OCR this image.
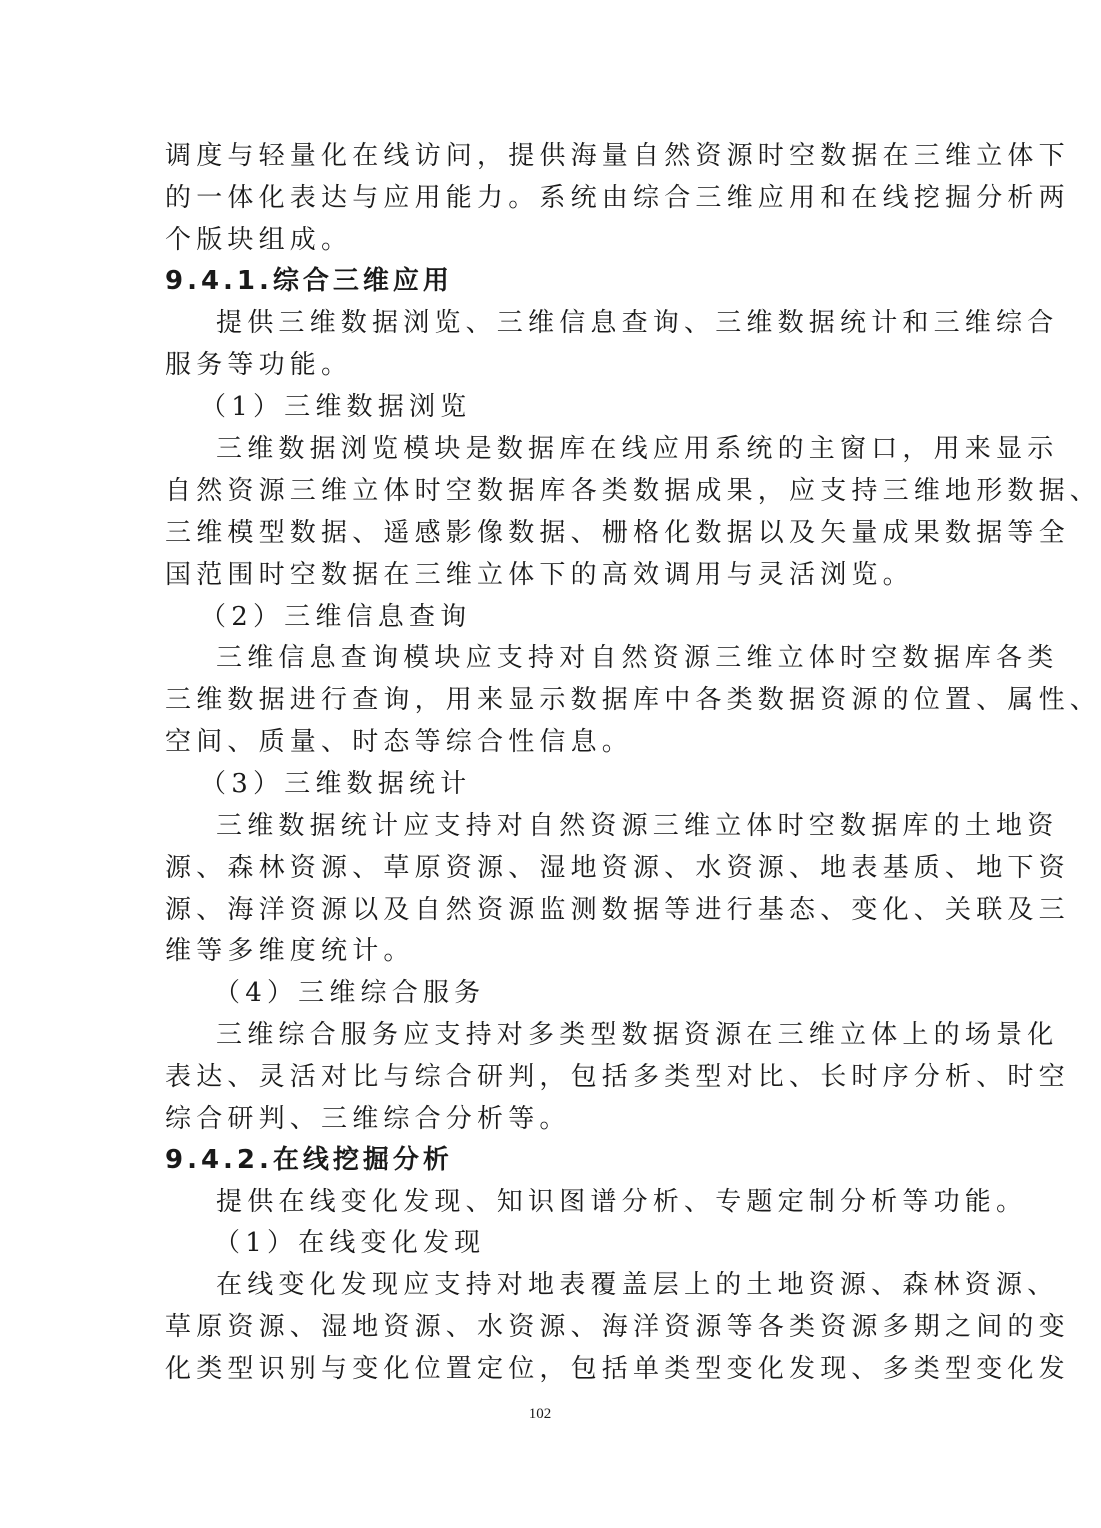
调度与轻量化在线访问，提供海量自然资源时空数据在三维立体下
的一体化表达与应用能力。系统由综合三维应用和在线挖掘分析两
个版块组成。
9.4.1.综合三维应用
提供三维数据浏览、三维信息查询、三维数据统计和三维综合
服务等功能。
（1）三维数据浏览
三维数据浏览模块是数据库在线应用系统的主窗口，用来显示
自然资源三维立体时空数据库各类数据成果，应支持三维地形数据、
三维模型数据、遥感影像数据、栅格化数据以及矢量成果数据等全
国范围时空数据在三维立体下的高效调用与灵活浏览。
（2）三维信息查询
三维信息查询模块应支持对自然资源三维立体时空数据库各类
三维数据进行查询，用来显示数据库中各类数据资源的位置、属性、
空间、质量、时态等综合性信息。
（3）三维数据统计
三维数据统计应支持对自然资源三维立体时空数据库的土地资
源、森林资源、草原资源、湿地资源、水资源、地表基质、地下资
源、海洋资源以及自然资源监测数据等进行基态、变化、关联及三
维等多维度统计。
（4）三维综合服务
三维综合服务应支持对多类型数据资源在三维立体上的场景化
表达、灵活对比与综合研判，包括多类型对比、长时序分析、时空
综合研判、三维综合分析等。
9.4.2.在线挖掘分析
提供在线变化发现、知识图谱分析、专题定制分析等功能。
（1）在线变化发现
在线变化发现应支持对地表覆盖层上的土地资源、森林资源、
草原资源、湿地资源、水资源、海洋资源等各类资源多期之间的变
化类型识别与变化位置定位，包括单类型变化发现、多类型变化发
102
